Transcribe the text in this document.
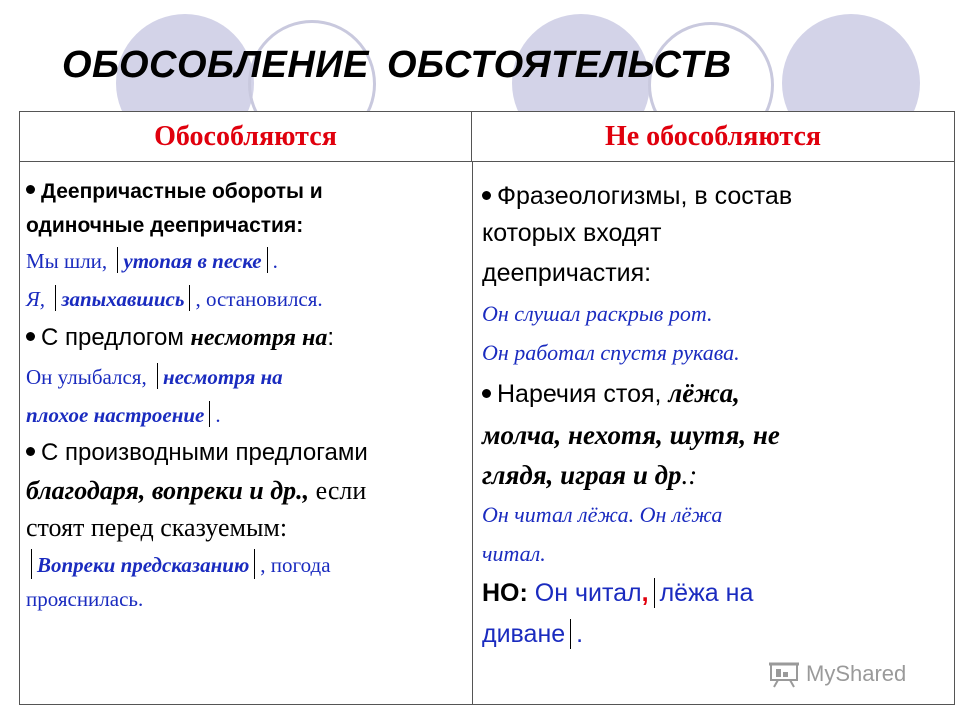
ОБОСОБЛЕНИЕ ОБСТОЯТЕЛЬСТВ
Обособляются	Не обособляются
Деепричастные обороты и
одиночные деепричастия:
Мы шли, утопая в песке .
Я, запыхавшись , остановился.
С предлогом несмотря на:
Он улыбался, несмотря на
плохое настроение .
С производными предлогами
благодаря, вопреки и др., если
стоят перед сказуемым:
Вопреки предсказанию , погода
прояснилась.
Фразеологизмы, в состав
которых входят
деепричастия:
Он слушал раскрыв рот.
Он работал спустя рукава.
Наречия стоя, лёжа,
молча, нехотя, шутя, не
глядя, играя и др.:
Он читал лёжа. Он лёжа
читал.
НО: Он читал, лёжа на
диване .
MyShared
